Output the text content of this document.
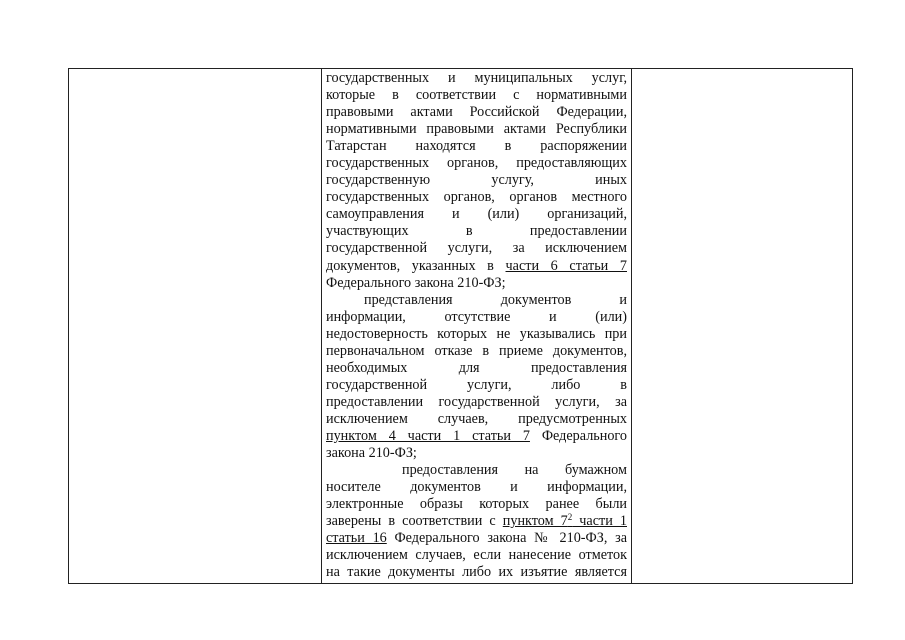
государственных и муниципальных услуг,
которые в соответствии с нормативными
правовыми актами Российской Федерации,
нормативными правовыми актами Республики
Татарстан находятся в распоряжении
государственных органов, предоставляющих
государственную услугу, иных
государственных органов, органов местного
самоуправления и (или) организаций,
участвующих в предоставлении
государственной услуги, за исключением
документов, указанных в части 6 статьи 7
Федерального закона 210-ФЗ;
представления документов и
информации, отсутствие и (или)
недостоверность которых не указывались при
первоначальном отказе в приеме документов,
необходимых для предоставления
государственной услуги, либо в
предоставлении государственной услуги, за
исключением случаев, предусмотренных
пунктом 4 части 1 статьи 7 Федерального
закона 210-ФЗ;
предоставления на бумажном
носителе документов и информации,
электронные образы которых ранее были
заверены в соответствии с пунктом $7^2$ части 1
статьи 16 Федерального закона № 210-ФЗ, за
исключением случаев, если нанесение отметок
на такие документы либо их изъятие является
